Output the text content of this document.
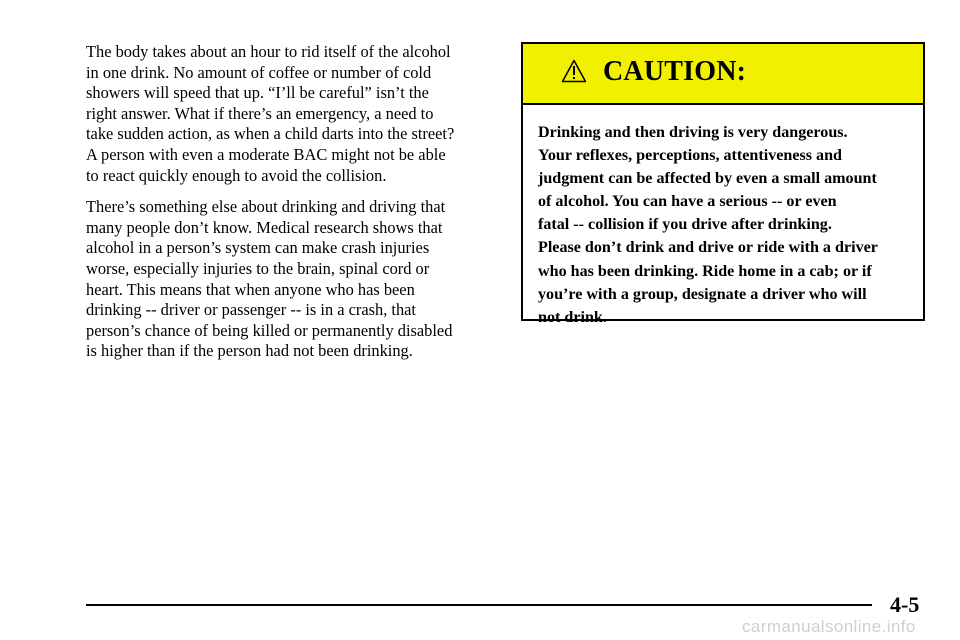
The body takes about an hour to rid itself of the alcohol
in one drink. No amount of coffee or number of cold
showers will speed that up. “I’ll be careful” isn’t the
right answer. What if there’s an emergency, a need to
take sudden action, as when a child darts into the street?
A person with even a moderate BAC might not be able
to react quickly enough to avoid the collision.

There’s something else about drinking and driving that
many people don’t know. Medical research shows that
alcohol in a person’s system can make crash injuries
worse, especially injuries to the brain, spinal cord or
heart. This means that when anyone who has been
drinking -- driver or passenger -- is in a crash, that
person’s chance of being killed or permanently disabled
is higher than if the person had not been drinking.

CAUTION:
Drinking and then driving is very dangerous.
Your reflexes, perceptions, attentiveness and
judgment can be affected by even a small amount
of alcohol. You can have a serious -- or even
fatal -- collision if you drive after drinking.
Please don’t drink and drive or ride with a driver
who has been drinking. Ride home in a cab; or if
you’re with a group, designate a driver who will
not drink.
4-5
carmanualsonline.info
